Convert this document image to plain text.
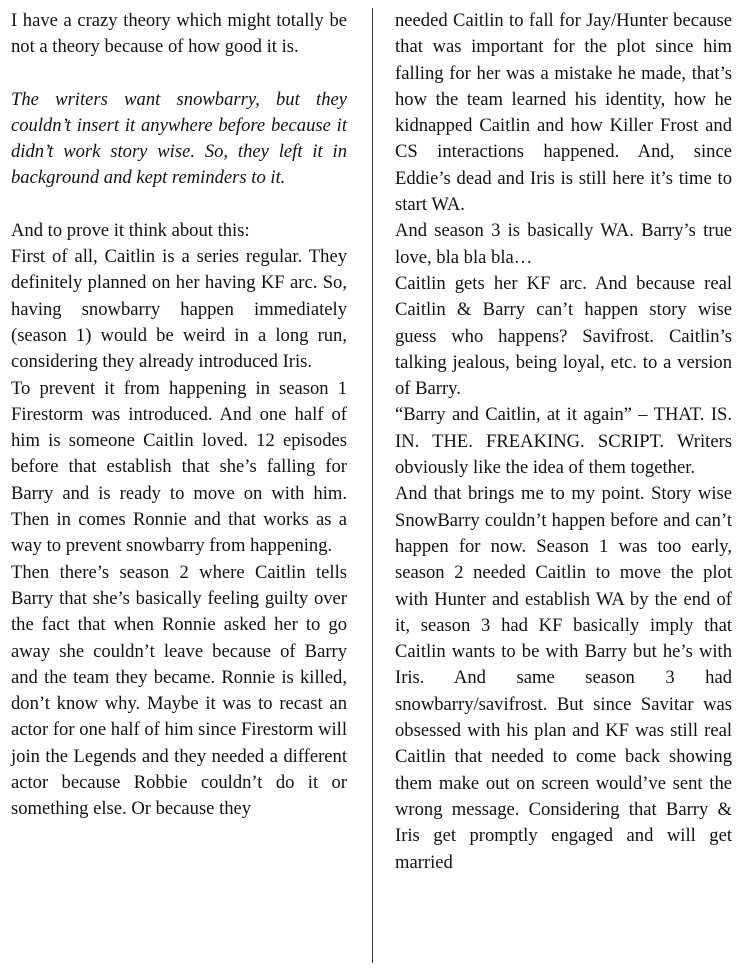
I have a crazy theory which might totally be not a theory because of how good it is.

The writers want snowbarry, but they couldn’t insert it anywhere before because it didn’t work story wise. So, they left it in background and kept reminders to it.

And to prove it think about this:

First of all, Caitlin is a series regular. They definitely planned on her having KF arc. So, having snowbarry happen immediately (season 1) would be weird in a long run, considering they already introduced Iris.

To prevent it from happening in season 1 Firestorm was introduced. And one half of him is someone Caitlin loved. 12 episodes before that establish that she’s falling for Barry and is ready to move on with him. Then in comes Ronnie and that works as a way to prevent snowbarry from happening.

Then there’s season 2 where Caitlin tells Barry that she’s basically feeling guilty over the fact that when Ronnie asked her to go away she couldn’t leave because of Barry and the team they became. Ronnie is killed, don’t know why. Maybe it was to recast an actor for one half of him since Firestorm will join the Legends and they needed a different actor because Robbie couldn’t do it or something else. Or because they

needed Caitlin to fall for Jay/Hunter because that was important for the plot since him falling for her was a mistake he made, that’s how the team learned his identity, how he kidnapped Caitlin and how Killer Frost and CS interactions happened. And, since Eddie’s dead and Iris is still here it’s time to start WA.

And season 3 is basically WA. Barry’s true love, bla bla bla…

Caitlin gets her KF arc. And because real Caitlin & Barry can’t happen story wise guess who happens? Savifrost. Caitlin’s talking jealous, being loyal, etc. to a version of Barry.

“Barry and Caitlin, at it again” – THAT. IS. IN. THE. FREAKING. SCRIPT. Writers obviously like the idea of them together.

And that brings me to my point. Story wise SnowBarry couldn’t happen before and can’t happen for now. Season 1 was too early, season 2 needed Caitlin to move the plot with Hunter and establish WA by the end of it, season 3 had KF basically imply that Caitlin wants to be with Barry but he’s with Iris. And same season 3 had snowbarry/savifrost. But since Savitar was obsessed with his plan and KF was still real Caitlin that needed to come back showing them make out on screen would’ve sent the wrong message. Considering that Barry & Iris get promptly engaged and will get married
